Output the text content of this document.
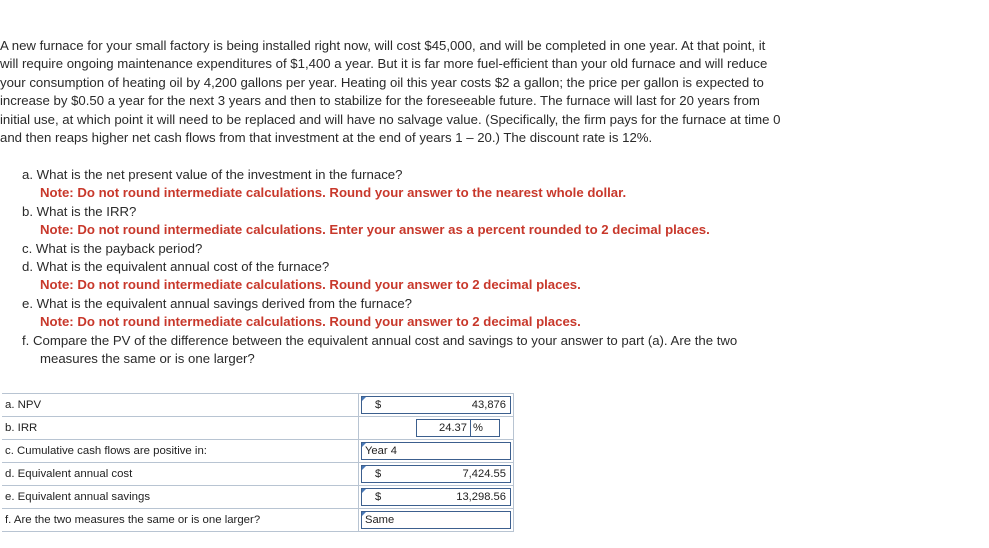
A new furnace for your small factory is being installed right now, will cost $45,000, and will be completed in one year. At that point, it

will require ongoing maintenance expenditures of $1,400 a year. But it is far more fuel-efficient than your old furnace and will reduce

your consumption of heating oil by 4,200 gallons per year. Heating oil this year costs $2 a gallon; the price per gallon is expected to

increase by $0.50 a year for the next 3 years and then to stabilize for the foreseeable future. The furnace will last for 20 years from

initial use, at which point it will need to be replaced and will have no salvage value. (Specifically, the firm pays for the furnace at time 0

and then reaps higher net cash flows from that investment at the end of years 1 – 20.) The discount rate is 12%.

a. What is the net present value of the investment in the furnace?
Note: Do not round intermediate calculations. Round your answer to the nearest whole dollar.
b. What is the IRR?
Note: Do not round intermediate calculations. Enter your answer as a percent rounded to 2 decimal places.
c. What is the payback period?
d. What is the equivalent annual cost of the furnace?
Note: Do not round intermediate calculations. Round your answer to 2 decimal places.
e. What is the equivalent annual savings derived from the furnace?
Note: Do not round intermediate calculations. Round your answer to 2 decimal places.
f. Compare the PV of the difference between the equivalent annual cost and savings to your answer to part (a). Are the two
measures the same or is one larger?
a. NPV	$ 43,876

b. IRR	24.37 %

c. Cumulative cash flows are positive in:	Year 4

d. Equivalent annual cost	$ 7,424.55

e. Equivalent annual savings	$ 13,298.56

f. Are the two measures the same or is one larger?	Same
